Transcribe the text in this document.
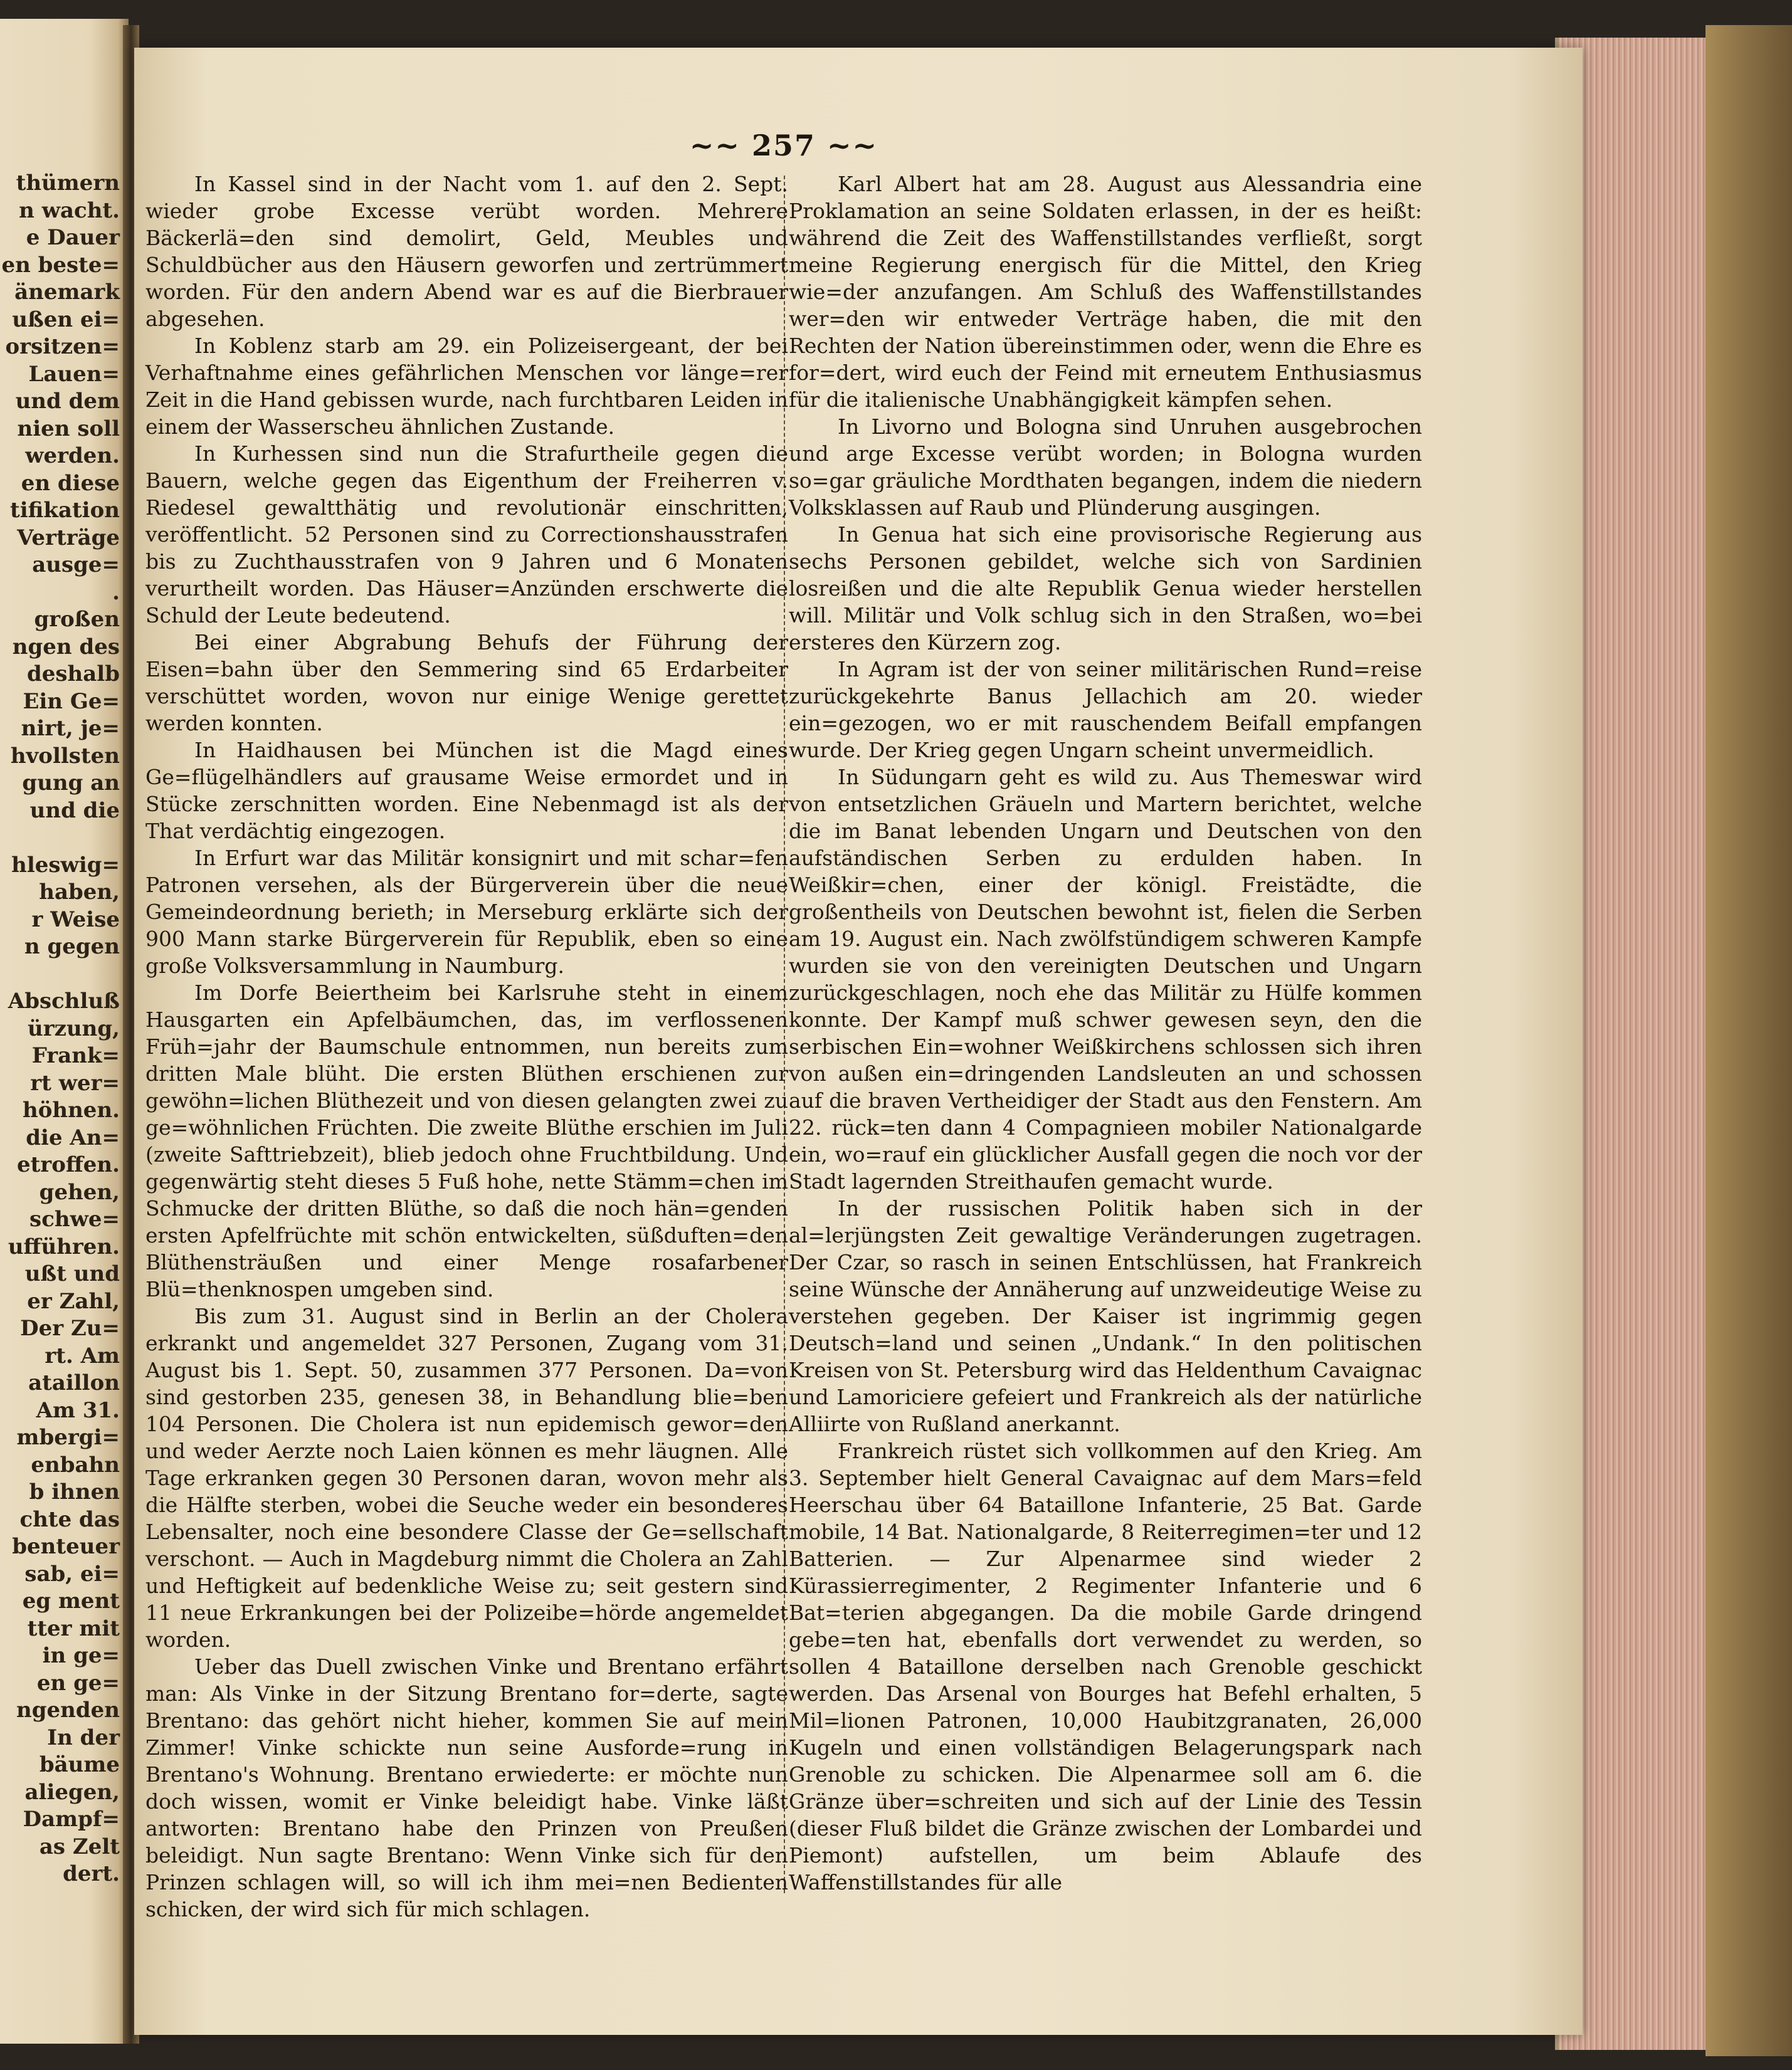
thümern
n wacht.
e Dauer
en beste=
änemark
ußen ei=
orsitzen=
Lauen=
und dem
nien soll
werden.
en diese
tifikation
Verträge
ausge=
.
großen
ngen des
deshalb
Ein Ge=
nirt, je=
hvollsten
gung an
und die
hleswig=
haben,
r Weise
n gegen
Abschluß
ürzung,
Frank=
rt wer=
höhnen.
die An=
etroffen.
gehen,
schwe=
ufführen.
ußt und
er Zahl,
Der Zu=
rt. Am
ataillon
Am 31.
mbergi=
enbahn
b ihnen
chte das
benteuer
sab, ei=
eg ment
tter mit
in ge=
en ge=
ngenden
In der
bäume
aliegen,
Dampf=
as Zelt
dert.
~~ 257 ~~

In Kassel sind in der Nacht vom 1. auf den 2. Sept. wieder grobe Excesse verübt worden. Mehrere Bäckerlä=den sind demolirt, Geld, Meubles und Schuldbücher aus den Häusern geworfen und zertrümmert worden. Für den andern Abend war es auf die Bierbrauer abgesehen.

In Koblenz starb am 29. ein Polizeisergeant, der bei Verhaftnahme eines gefährlichen Menschen vor länge=rer Zeit in die Hand gebissen wurde, nach furchtbaren Leiden in einem der Wasserscheu ähnlichen Zustande.

In Kurhessen sind nun die Strafurtheile gegen die Bauern, welche gegen das Eigenthum der Freiherren v. Riedesel gewaltthätig und revolutionär einschritten, veröffentlicht. 52 Personen sind zu Correctionshausstrafen bis zu Zuchthausstrafen von 9 Jahren und 6 Monaten verurtheilt worden. Das Häuser=Anzünden erschwerte die Schuld der Leute bedeutend.

Bei einer Abgrabung Behufs der Führung der Eisen=bahn über den Semmering sind 65 Erdarbeiter verschüttet worden, wovon nur einige Wenige gerettet werden konnten.

In Haidhausen bei München ist die Magd eines Ge=flügelhändlers auf grausame Weise ermordet und in Stücke zerschnitten worden. Eine Nebenmagd ist als der That verdächtig eingezogen.

In Erfurt war das Militär konsignirt und mit schar=fen Patronen versehen, als der Bürgerverein über die neue Gemeindeordnung berieth; in Merseburg erklärte sich der 900 Mann starke Bürgerverein für Republik, eben so eine große Volksversammlung in Naumburg.

Im Dorfe Beiertheim bei Karlsruhe steht in einem Hausgarten ein Apfelbäumchen, das, im verflossenen Früh=jahr der Baumschule entnommen, nun bereits zum dritten Male blüht. Die ersten Blüthen erschienen zur gewöhn=lichen Blüthezeit und von diesen gelangten zwei zu ge=wöhnlichen Früchten. Die zweite Blüthe erschien im Juli (zweite Safttriebzeit), blieb jedoch ohne Fruchtbildung. Und gegenwärtig steht dieses 5 Fuß hohe, nette Stämm=chen im Schmucke der dritten Blüthe, so daß die noch hän=genden ersten Apfelfrüchte mit schön entwickelten, süßduften=den Blüthensträußen und einer Menge rosafarbener Blü=thenknospen umgeben sind.

Bis zum 31. August sind in Berlin an der Cholera erkrankt und angemeldet 327 Personen, Zugang vom 31. August bis 1. Sept. 50, zusammen 377 Personen. Da=von sind gestorben 235, genesen 38, in Behandlung blie=ben 104 Personen. Die Cholera ist nun epidemisch gewor=den und weder Aerzte noch Laien können es mehr läugnen. Alle Tage erkranken gegen 30 Personen daran, wovon mehr als die Hälfte sterben, wobei die Seuche weder ein besonderes Lebensalter, noch eine besondere Classe der Ge=sellschaft verschont. — Auch in Magdeburg nimmt die Cholera an Zahl und Heftigkeit auf bedenkliche Weise zu; seit gestern sind 11 neue Erkrankungen bei der Polizeibe=hörde angemeldet worden.

Ueber das Duell zwischen Vinke und Brentano erfährt man: Als Vinke in der Sitzung Brentano for=derte, sagte Brentano: das gehört nicht hieher, kommen Sie auf mein Zimmer! Vinke schickte nun seine Ausforde=rung in Brentano's Wohnung. Brentano erwiederte: er möchte nun doch wissen, womit er Vinke beleidigt habe. Vinke läßt antworten: Brentano habe den Prinzen von Preußen beleidigt. Nun sagte Brentano: Wenn Vinke sich für den Prinzen schlagen will, so will ich ihm mei=nen Bedienten schicken, der wird sich für mich schlagen.

Karl Albert hat am 28. August aus Alessandria eine Proklamation an seine Soldaten erlassen, in der es heißt: während die Zeit des Waffenstillstandes verfließt, sorgt meine Regierung energisch für die Mittel, den Krieg wie=der anzufangen. Am Schluß des Waffenstillstandes wer=den wir entweder Verträge haben, die mit den Rechten der Nation übereinstimmen oder, wenn die Ehre es for=dert, wird euch der Feind mit erneutem Enthusiasmus für die italienische Unabhängigkeit kämpfen sehen.

In Livorno und Bologna sind Unruhen ausgebrochen und arge Excesse verübt worden; in Bologna wurden so=gar gräuliche Mordthaten begangen, indem die niedern Volksklassen auf Raub und Plünderung ausgingen.

In Genua hat sich eine provisorische Regierung aus sechs Personen gebildet, welche sich von Sardinien losreißen und die alte Republik Genua wieder herstellen will. Militär und Volk schlug sich in den Straßen, wo=bei ersteres den Kürzern zog.

In Agram ist der von seiner militärischen Rund=reise zurückgekehrte Banus Jellachich am 20. wieder ein=gezogen, wo er mit rauschendem Beifall empfangen wurde. Der Krieg gegen Ungarn scheint unvermeidlich.

In Südungarn geht es wild zu. Aus Themeswar wird von entsetzlichen Gräueln und Martern berichtet, welche die im Banat lebenden Ungarn und Deutschen von den aufständischen Serben zu erdulden haben. In Weißkir=chen, einer der königl. Freistädte, die großentheils von Deutschen bewohnt ist, fielen die Serben am 19. August ein. Nach zwölfstündigem schweren Kampfe wurden sie von den vereinigten Deutschen und Ungarn zurückgeschlagen, noch ehe das Militär zu Hülfe kommen konnte. Der Kampf muß schwer gewesen seyn, den die serbischen Ein=wohner Weißkirchens schlossen sich ihren von außen ein=dringenden Landsleuten an und schossen auf die braven Vertheidiger der Stadt aus den Fenstern. Am 22. rück=ten dann 4 Compagnieen mobiler Nationalgarde ein, wo=rauf ein glücklicher Ausfall gegen die noch vor der Stadt lagernden Streithaufen gemacht wurde.

In der russischen Politik haben sich in der al=lerjüngsten Zeit gewaltige Veränderungen zugetragen. Der Czar, so rasch in seinen Entschlüssen, hat Frankreich seine Wünsche der Annäherung auf unzweideutige Weise zu verstehen gegeben. Der Kaiser ist ingrimmig gegen Deutsch=land und seinen „Undank.“ In den politischen Kreisen von St. Petersburg wird das Heldenthum Cavaignac und Lamoriciere gefeiert und Frankreich als der natürliche Alliirte von Rußland anerkannt.

Frankreich rüstet sich vollkommen auf den Krieg. Am 3. September hielt General Cavaignac auf dem Mars=feld Heerschau über 64 Bataillone Infanterie, 25 Bat. Garde mobile, 14 Bat. Nationalgarde, 8 Reiterregimen=ter und 12 Batterien. — Zur Alpenarmee sind wieder 2 Kürassierregimenter, 2 Regimenter Infanterie und 6 Bat=terien abgegangen. Da die mobile Garde dringend gebe=ten hat, ebenfalls dort verwendet zu werden, so sollen 4 Bataillone derselben nach Grenoble geschickt werden. Das Arsenal von Bourges hat Befehl erhalten, 5 Mil=lionen Patronen, 10,000 Haubitzgranaten, 26,000 Kugeln und einen vollständigen Belagerungspark nach Grenoble zu schicken. Die Alpenarmee soll am 6. die Gränze über=schreiten und sich auf der Linie des Tessin (dieser Fluß bildet die Gränze zwischen der Lombardei und Piemont) aufstellen, um beim Ablaufe des Waffenstillstandes für alle
